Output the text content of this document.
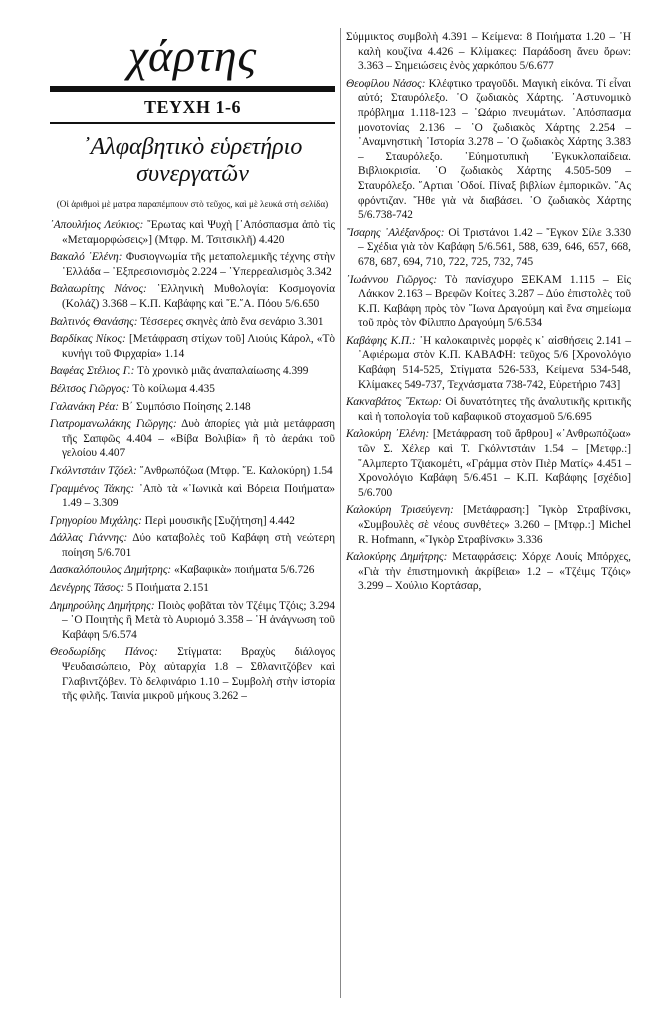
χάρτης
ΤΕΥΧΗ 1-6
᾿Αλφαβητικὸ εὑρετήριο
συνεργατῶν
(Οἱ ἀριθμοὶ μὲ ματρα παραπέμπουν στὸ τεῦχος, καὶ μὲ λευκά στὴ σελίδα)
᾿Απουλήιος Λεύκιος: ῎Ερωτας καὶ Ψυχὴ [᾿Απόσπασμα ἀπὸ τὶς «Μεταμορφώσεις»] (Μτφρ. Μ. Τσιτσικλῆ) 4.420
Βακαλό ᾿Ελένη: Φυσιογνωμία τῆς μεταπολεμικῆς τέχνης στὴν ῾Ελλάδα – ᾿Εξπρεσιονισμὸς 2.224 – ῾Υπερρεαλισμὸς 3.342
Βαλαωρίτης Νάνος: ῾Ελληνικὴ Μυθολογία: Κοσμογονία (Κολάζ) 3.368 – Κ.Π. Καβάφης καὶ ῞Ε.῞Α. Πόου 5/6.650
Βαλτινός Θανάσης: Τέσσερες σκηνὲς ἀπὸ ἕνα σενάριο 3.301
Βαρδίκας Νίκος: [Μετάφραση στίχων τοῦ] Λιούις Κάρολ, «Τὸ κυνήγι τοῦ Φιρχαρία» 1.14
Βαφέας Στέλιος Γ.: Τὸ χρονικὸ μιᾶς ἀναπαλαίωσης 4.399
Βέλτσος Γιῶργος: Τὸ κοίλωμα 4.435
Γαλανάκη Ρέα: Β΄ Συμπόσιο Ποίησης 2.148
Γιατρομανωλάκης Γιῶργης: Δυὸ ἀπορίες γιὰ μιὰ μετάφραση τῆς Σαπφῶς 4.404 – «Βίβα Βολιβία» ἢ τὸ ἀεράκι τοῦ γελοίου 4.407
Γκόλντστάιν Τζόελ: ῎Ανθρωπόζωα (Μτφρ. ῎Ε. Καλοκύρη) 1.54
Γραμμένος Τάκης: ᾿Απὸ τὰ «᾿Ιωνικὰ καὶ Βόρεια Ποιήματα» 1.49 – 3.309
Γρηγορίου Μιχάλης: Περὶ μουσικῆς [Συζήτηση] 4.442
Δάλλας Γιάννης: Δύο καταβολὲς τοῦ Καβάφη στὴ νεώτερη ποίηση 5/6.701
Δασκαλόπουλος Δημήτρης: «Καβαφικὰ» ποιήματα 5/6.726
Δενέγρης Τάσος: 5 Ποιήματα 2.151
Δημηρούλης Δημήτρης: Ποιὸς φοβᾶται τὸν Τζέιμς Τζόις; 3.294 – ῾Ο Ποιητὴς ἢ Μετὰ τὸ Αυριομό 3.358 – ῾Η ἀνάγνωση τοῦ Καβάφη 5/6.574
Θεοδωρίδης Πάνος: Στίγματα: Βραχὺς διάλογος Ψευδαισώπειο, Ρὸχ αὐταρχία 1.8 – Σθλανιτζόβεν καὶ Γλαβιντζόβεν. Τὸ δελφινάριο 1.10 – Συμβολὴ στὴν ἱστορία τῆς φιλῆς. Ταινία μικροῦ μήκους 3.262 –
Σύμμικτος συμβολὴ 4.391 – Κείμενα: 8 Ποιήματα 1.20 – ῾Η καλὴ κουζίνα 4.426 – Κλίμακες: Παράδοση ἄνευ ὅρων: 3.363 – Σημειώσεις ἑνὸς χαρκόπου 5/6.677
Θεοφίλου Νάσος: Κλέφτικο τραγοῦδι. Μαγικὴ εἰκόνα. Τί εἶναι αὐτό; Σταυρόλεξο. ῾Ο ζωδιακὸς Χάρτης. ᾿Αστυνομικὸ πρόβλημα 1.118-123 – ῾Ωάριο πνευμάτων. ᾿Απόσπασμα μονοτονίας 2.136 – ῾Ο ζωδιακὸς Χάρτης 2.254 – ᾿Αναμνηστικὴ ῾Ιστορία 3.278 – ῾Ο ζωδιακὸς Χάρτης 3.383 – Σταυρόλεξο. ῾Εύημοτυπικὴ ᾿Εγκυκλοπαίδεια. Βιβλιοκρισία. ῾Ο ζωδιακὸς Χάρτης 4.505-509 – Σταυρόλεξο. ῎Αρτιαι ῾Οδοί. Πίναξ βιβλίων ἐμπορικῶν. ῎Ας φρόντιζαν. ῞Ηθε γιὰ νὰ διαβάσει. ῾Ο ζωδιακὸς Χάρτης 5/6.738-742
῎Ισαρης ᾿Αλέξανδρος: Οἱ Τριστάνοι 1.42 – ῎Εγκον Σίλε 3.330 – Σχέδια γιὰ τὸν Καβάφη 5/6.561, 588, 639, 646, 657, 668, 678, 687, 694, 710, 722, 725, 732, 745
᾿Ιωάννου Γιῶργος: Τὸ πανίσχυρο ΞΕΚΑΜ 1.115 – Εἰς Λάκκον 2.163 – Βρεφῶν Κοίτες 3.287 – Δύο ἐπιστολὲς τοῦ Κ.Π. Καβάφη πρὸς τὸν ῎Ιωνα Δραγούμη καὶ ἕνα σημείωμα τοῦ πρὸς τὸν Φίλιππο Δραγούμη 5/6.534
Καβάφης Κ.Π.: ῾Η καλοκαιρινὲς μορφὲς κ᾿ αἰσθήσεις 2.141 – ᾿Αφιέρωμα στὸν Κ.Π. ΚΑΒΑΦΗ: τεῦχος 5/6 [Χρονολόγιο Καβάφη 514-525, Στίγματα 526-533, Κείμενα 534-548, Κλίμακες 549-737, Τεχνάσματα 738-742, Εὑρετήριο 743]
Κακναβάτος ῞Εκτωρ: Οἱ δυνατότητες τῆς ἀναλυτικῆς κριτικῆς καὶ ἡ τοπολογία τοῦ καβαφικοῦ στοχασμοῦ 5/6.695
Καλοκύρη ᾿Ελένη: [Μετάφραση τοῦ ἄρθρου] «᾿Ανθρωπόζωα» τῶν Σ. Χέλερ καὶ Τ. Γκόλντστάιν 1.54 – [Μετφρ.:] ῎Αλμπερτο Τζιακομέτι, «Γράμμα στὸν Πιὲρ Ματίς» 4.451 – Χρονολόγιο Καβάφη 5/6.451 – Κ.Π. Καβάφης [σχέδιο] 5/6.700
Καλοκύρη Τρισεύγενη: [Μετάφραση:] ῎Ιγκὸρ Στραβίνσκι, «Συμβουλὲς σὲ νέους συνθέτες» 3.260 – [Μτφρ.:] Michel R. Hofmann, «῎Ιγκὸρ Στραβίνσκι» 3.336
Καλοκύρης Δημήτρης: Μεταφράσεις: Χόρχε Λουίς Μπόρχες, «Γιὰ τὴν ἐπιστημονικὴ ἀκρίβεια» 1.2 – «Τζέιμς Τζόις» 3.299 – Χούλιο Κορτάσαρ,
